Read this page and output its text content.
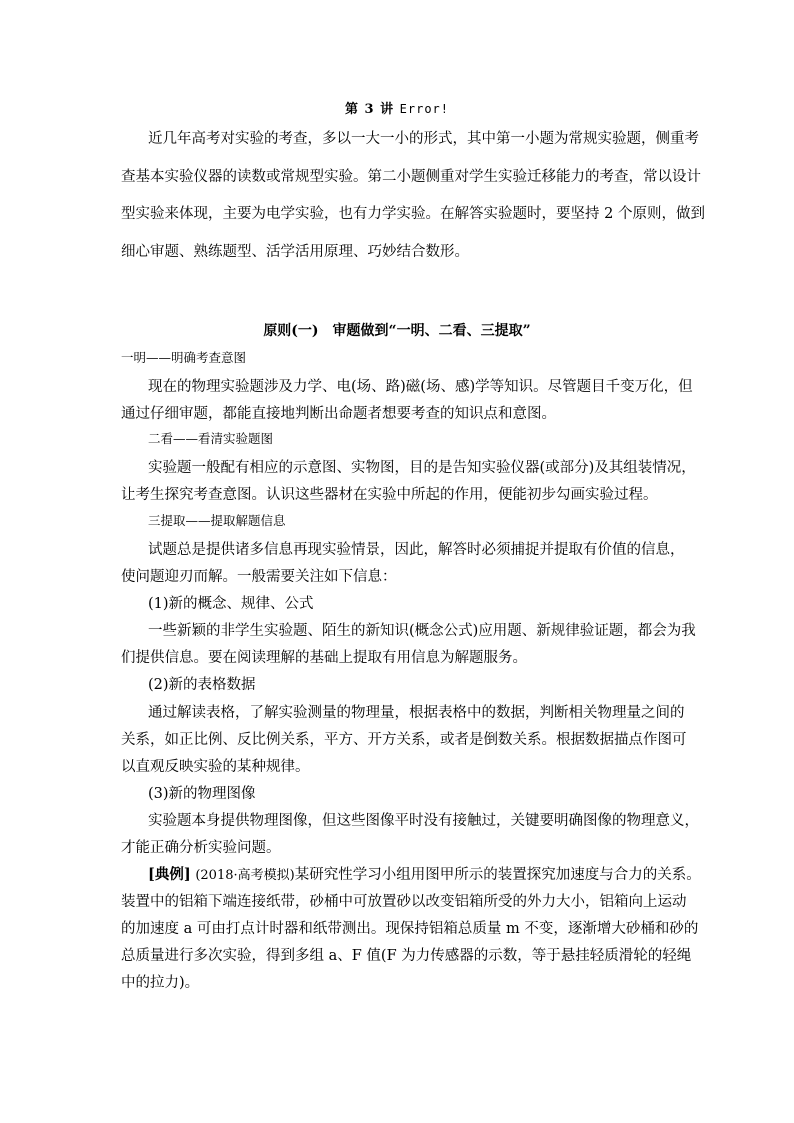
第 3 讲 Error!
近几年高考对实验的考查，多以一大一小的形式，其中第一小题为常规实验题，侧重考
查基本实验仪器的读数或常规型实验。第二小题侧重对学生实验迁移能力的考查，常以设计
型实验来体现，主要为电学实验，也有力学实验。在解答实验题时，要坚持 2 个原则，做到
细心审题、熟练题型、活学活用原理、巧妙结合数形。
原则(一)　审题做到“一明、二看、三提取”
一明——明确考查意图
现在的物理实验题涉及力学、电(场、路)磁(场、感)学等知识。尽管题目千变万化，但
通过仔细审题，都能直接地判断出命题者想要考查的知识点和意图。
二看——看清实验题图
实验题一般配有相应的示意图、实物图，目的是告知实验仪器(或部分)及其组装情况，
让考生探究考查意图。认识这些器材在实验中所起的作用，便能初步勾画实验过程。
三提取——提取解题信息
试题总是提供诸多信息再现实验情景，因此，解答时必须捕捉并提取有价值的信息，
使问题迎刃而解。一般需要关注如下信息：
(1)新的概念、规律、公式
一些新颖的非学生实验题、陌生的新知识(概念公式)应用题、新规律验证题，都会为我
们提供信息。要在阅读理解的基础上提取有用信息为解题服务。
(2)新的表格数据
通过解读表格，了解实验测量的物理量，根据表格中的数据，判断相关物理量之间的
关系，如正比例、反比例关系，平方、开方关系，或者是倒数关系。根据数据描点作图可
以直观反映实验的某种规律。
(3)新的物理图像
实验题本身提供物理图像，但这些图像平时没有接触过，关键要明确图像的物理意义，
才能正确分析实验问题。
[典例] (2018·高考模拟)某研究性学习小组用图甲所示的装置探究加速度与合力的关系。
装置中的铝箱下端连接纸带，砂桶中可放置砂以改变铝箱所受的外力大小，铝箱向上运动
的加速度 a 可由打点计时器和纸带测出。现保持铝箱总质量 m 不变，逐渐增大砂桶和砂的
总质量进行多次实验，得到多组 a、F 值(F 为力传感器的示数，等于悬挂轻质滑轮的轻绳
中的拉力)。
